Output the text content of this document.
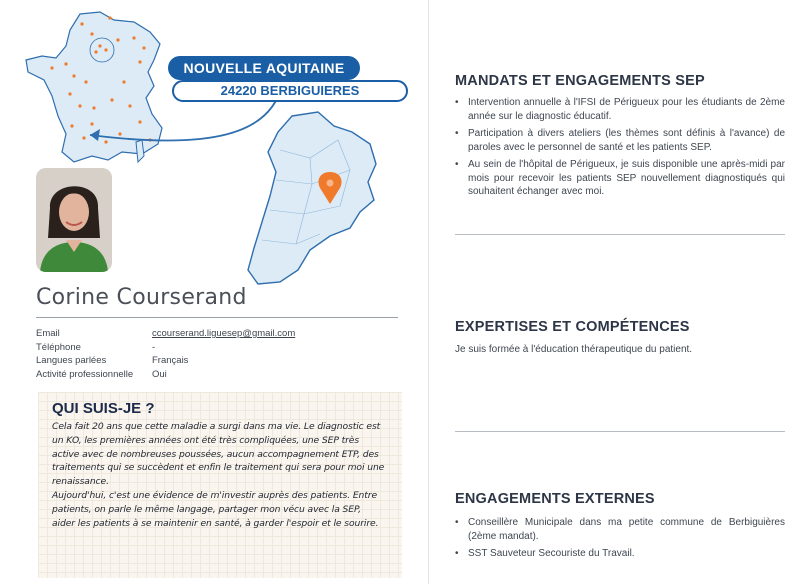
NOUVELLE AQUITAINE
24220 BERBIGUIERES
Corine Courserand
Email	ccourserand.liguesep@gmail.com
Téléphone	-
Langues parlées	Français
Activité professionnelle	Oui
QUI SUIS-JE ?

Cela fait 20 ans que cette maladie a surgi dans ma vie. Le diagnostic est un KO, les premières années ont été très compliquées, une SEP très active avec de nombreuses poussées, aucun accompagnement ETP, des traitements qui se succèdent et enfin le traitement qui sera pour moi une renaissance.

Aujourd'hui, c'est une évidence de m'investir auprès des patients. Entre patients, on parle le même langage, partager mon vécu avec la SEP, aider les patients à se maintenir en santé, à garder l'espoir et le sourire.

MANDATS ET ENGAGEMENTS SEP
• Intervention annuelle à l'IFSI de Périgueux pour les étudiants de 2ème année sur le diagnostic éducatif.
• Participation à divers ateliers (les thèmes sont définis à l'avance) de paroles avec le personnel de santé et les patients SEP.
• Au sein de l'hôpital de Périgueux, je suis disponible une après-midi par mois pour recevoir les patients SEP nouvellement diagnostiqués qui souhaitent échanger avec moi.
EXPERTISES ET COMPÉTENCES
Je suis formée à l'éducation thérapeutique du patient.
ENGAGEMENTS EXTERNES
• Conseillère Municipale dans ma petite commune de Berbiguières (2ème mandat).
• SST Sauveteur Secouriste du Travail.
